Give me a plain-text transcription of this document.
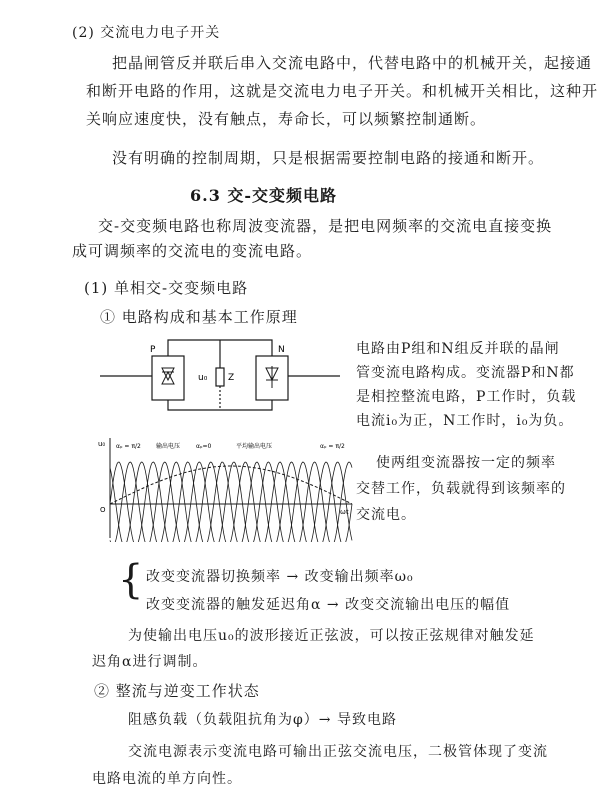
(2) 交流电力电子开关
把晶闸管反并联后串入交流电路中，代替电路中的机械开关，起接通
和断开电路的作用，这就是交流电力电子开关。和机械开关相比，这种开
关响应速度快，没有触点，寿命长，可以频繁控制通断。
没有明确的控制周期，只是根据需要控制电路的接通和断开。
6.3 交-交变频电路
交-交变频电路也称周波变流器，是把电网频率的交流电直接变换
成可调频率的交流电的变流电路。
(1) 单相交-交变频电路
① 电路构成和基本工作原理
P	N
u₀ Z
电路由P组和N组反并联的晶闸
管变流电路构成。变流器P和N都
是相控整流电路，P工作时，负载
电流i₀为正，N工作时，i₀为负。
使两组变流器按一定的频率
交替工作，负载就得到该频率的
交流电。
u₀
O	ωt
αₚ = π/2	输出电压	αₚ=0	平均输出电压	αₚ = π/2
{ 改变变流器切换频率 → 改变输出频率ω₀
改变变流器的触发延迟角α → 改变交流输出电压的幅值
为使输出电压u₀的波形接近正弦波，可以按正弦规律对触发延
迟角α进行调制。
② 整流与逆变工作状态
阻感负载（负载阻抗角为φ）→ 导致电路
交流电源表示变流电路可输出正弦交流电压，二极管体现了变流
电路电流的单方向性。
